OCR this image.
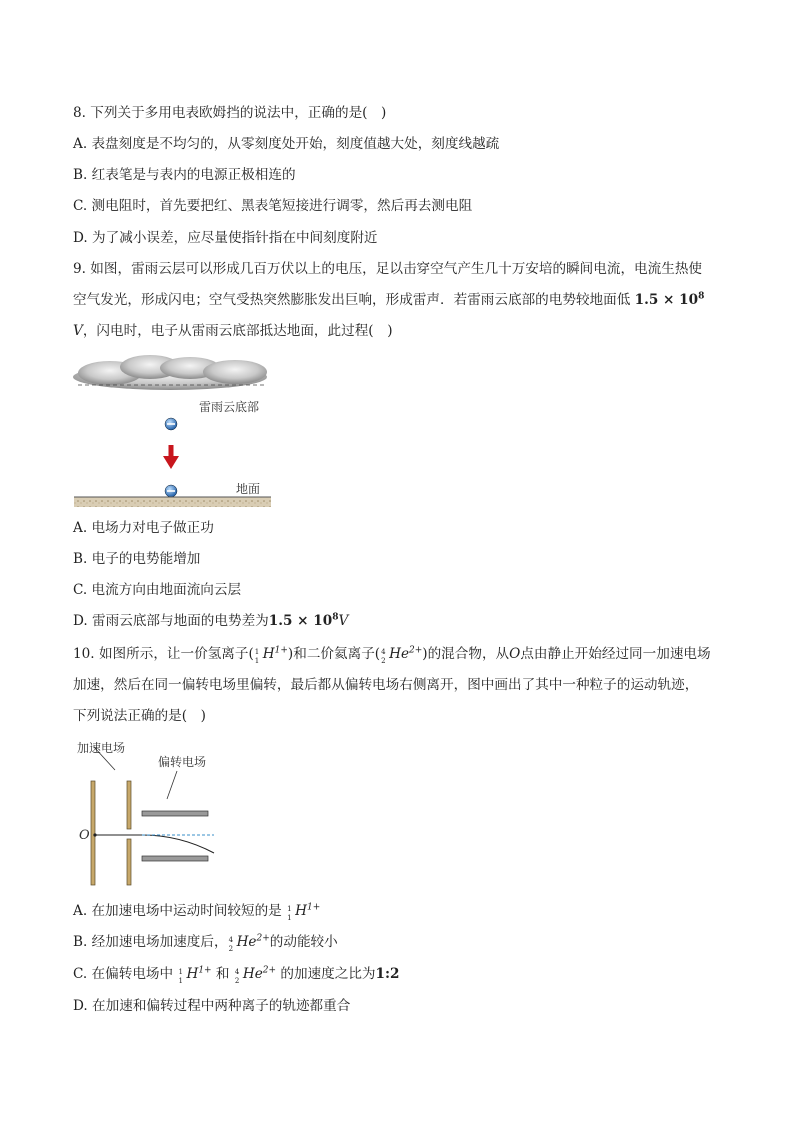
8. 下列关于多用电表欧姆挡的说法中，正确的是(　)
A. 表盘刻度是不均匀的，从零刻度处开始，刻度值越大处，刻度线越疏
B. 红表笔是与表内的电源正极相连的
C. 测电阻时，首先要把红、黑表笔短接进行调零，然后再去测电阻
D. 为了减小误差，应尽量使指针指在中间刻度附近
9. 如图，雷雨云层可以形成几百万伏以上的电压，足以击穿空气产生几十万安培的瞬间电流，电流生热使
空气发光，形成闪电；空气受热突然膨胀发出巨响，形成雷声．若雷雨云底部的电势较地面低 $1.5 \times 10^8$
V，闪电时，电子从雷雨云底部抵达地面，此过程(　)
雷雨云底部
地面
A. 电场力对电子做正功
B. 电子的电势能增加
C. 电流方向由地面流向云层
D. 雷雨云底部与地面的电势差为$1.5 \times 10^8V$
10. 如图所示，让一价氢离子( 1
1 $H^{1+}$)和二价氦离子( 4
2 $He^{2+}$)的混合物，从O点由静止开始经过同一加速电场
加速，然后在同一偏转电场里偏转，最后都从偏转电场右侧离开，图中画出了其中一种粒子的运动轨迹，
下列说法正确的是(　)
加速电场
偏转电场
O
A. 在加速电场中运动时间较短的是 1
1 $H^{1+}$
B. 经加速电场加速度后， 4
2 $He^{2+}$的动能较小
C. 在偏转电场中 1
1 $H^{1+}$ 和 4
2 $He^{2+}$ 的加速度之比为1:2
D. 在加速和偏转过程中两种离子的轨迹都重合
